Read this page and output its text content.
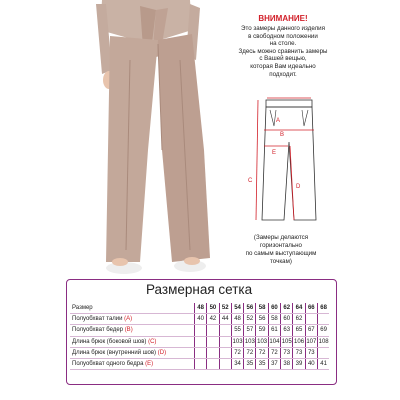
ВНИМАНИЕ!
Это замеры данного изделия
в свободном положении
на столе.
Здесь можно сравнить замеры
с Вашей вещью,
которая Вам идеально
подходит.
A
B
C
D
E
(Замеры делаются
горизонтально
по самым выступающим
точкам)
Размерная сетка
Размер	48	50	52	54	56	58	60	62	64	66	68
Полуобхват талии (A)	40	42	44	48	52	56	58	60	62		
Полуобхват бедер (B)				55	57	59	61	63	65	67	69
Длина брюк (боковой шов) (C)				103	103	103	104	105	106	107	108
Длина брюк (внутренний шов) (D)				72	72	72	72	73	73	73	
Полуобхват одного бедра (E)				34	35	35	37	38	39	40	41
